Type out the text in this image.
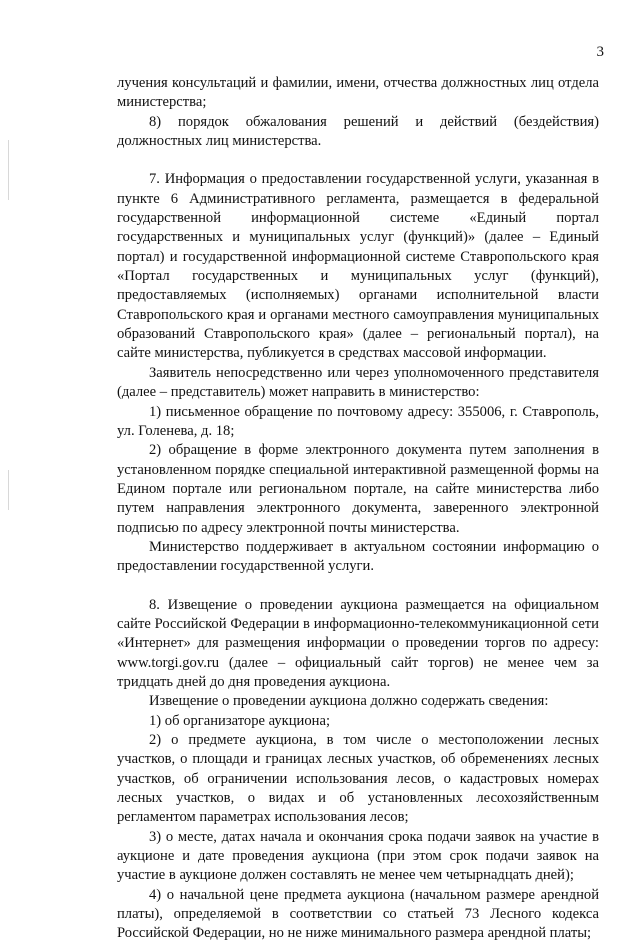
3

лучения консультаций и фамилии, имени, отчества должностных лиц отдела министерства;

8) порядок обжалования решений и действий (бездействия) должностных лиц министерства.

7. Информация о предоставлении государственной услуги, указанная в пункте 6 Административного регламента, размещается в федеральной государственной информационной системе «Единый портал государственных и муниципальных услуг (функций)» (далее – Единый портал) и государственной информационной системе Ставропольского края «Портал государственных и муниципальных услуг (функций), предоставляемых (исполняемых) органами исполнительной власти Ставропольского края и органами местного самоуправления муниципальных образований Ставропольского края» (далее – региональный портал), на сайте министерства, публикуется в средствах массовой информации.

Заявитель непосредственно или через уполномоченного представителя (далее – представитель) может направить в министерство:

1) письменное обращение по почтовому адресу: 355006, г. Ставрополь, ул. Голенева, д. 18;

2) обращение в форме электронного документа путем заполнения в установленном порядке специальной интерактивной размещенной формы на Едином портале или региональном портале, на сайте министерства либо путем направления электронного документа, заверенного электронной подписью по адресу электронной почты министерства.

Министерство поддерживает в актуальном состоянии информацию о предоставлении государственной услуги.

8. Извещение о проведении аукциона размещается на официальном сайте Российской Федерации в информационно-телекоммуникационной сети «Интернет» для размещения информации о проведении торгов по адресу: www.torgi.gov.ru (далее – официальный сайт торгов) не менее чем за тридцать дней до дня проведения аукциона.

Извещение о проведении аукциона должно содержать сведения:

1) об организаторе аукциона;

2) о предмете аукциона, в том числе о местоположении лесных участков, о площади и границах лесных участков, об обременениях лесных участков, об ограничении использования лесов, о кадастровых номерах лесных участков, о видах и об установленных лесохозяйственным регламентом параметрах использования лесов;

3) о месте, датах начала и окончания срока подачи заявок на участие в аукционе и дате проведения аукциона (при этом срок подачи заявок на участие в аукционе должен составлять не менее чем четырнадцать дней);

4) о начальной цене предмета аукциона (начальном размере арендной платы), определяемой в соответствии со статьей 73 Лесного кодекса Российской Федерации, но не ниже минимального размера арендной платы;
